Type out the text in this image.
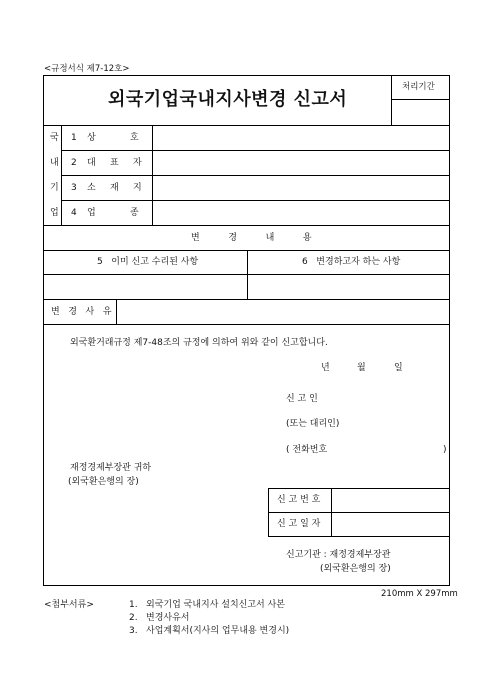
<규정서식 제7-12호>
외국기업국내지사변경 신고서
처리기간
국
내
기
업
1 상            호
2 대     표     자
3 소     재     지
4 업            종
변          경          내          용
5   이미 신고 수리된 사항	6   변경하고자 하는 사항
변   경   사   유
외국환거래규정 제7-48조의 규정에 의하여 위와 같이 신고합니다.
년	월	일
신 고 인
(또는 대리인)
( 전화번호	)
재정경제부장관 귀하
(외국환은행의 장)
신 고 번 호
신 고 일 자
신고기관 : 재정경제부장관
(외국환은행의 장)
210mm X 297mm
<첨부서류>	1. 외국기업 국내지사 설치신고서 사본
2. 변경사유서
3. 사업계획서(지사의 업무내용 변경시)
